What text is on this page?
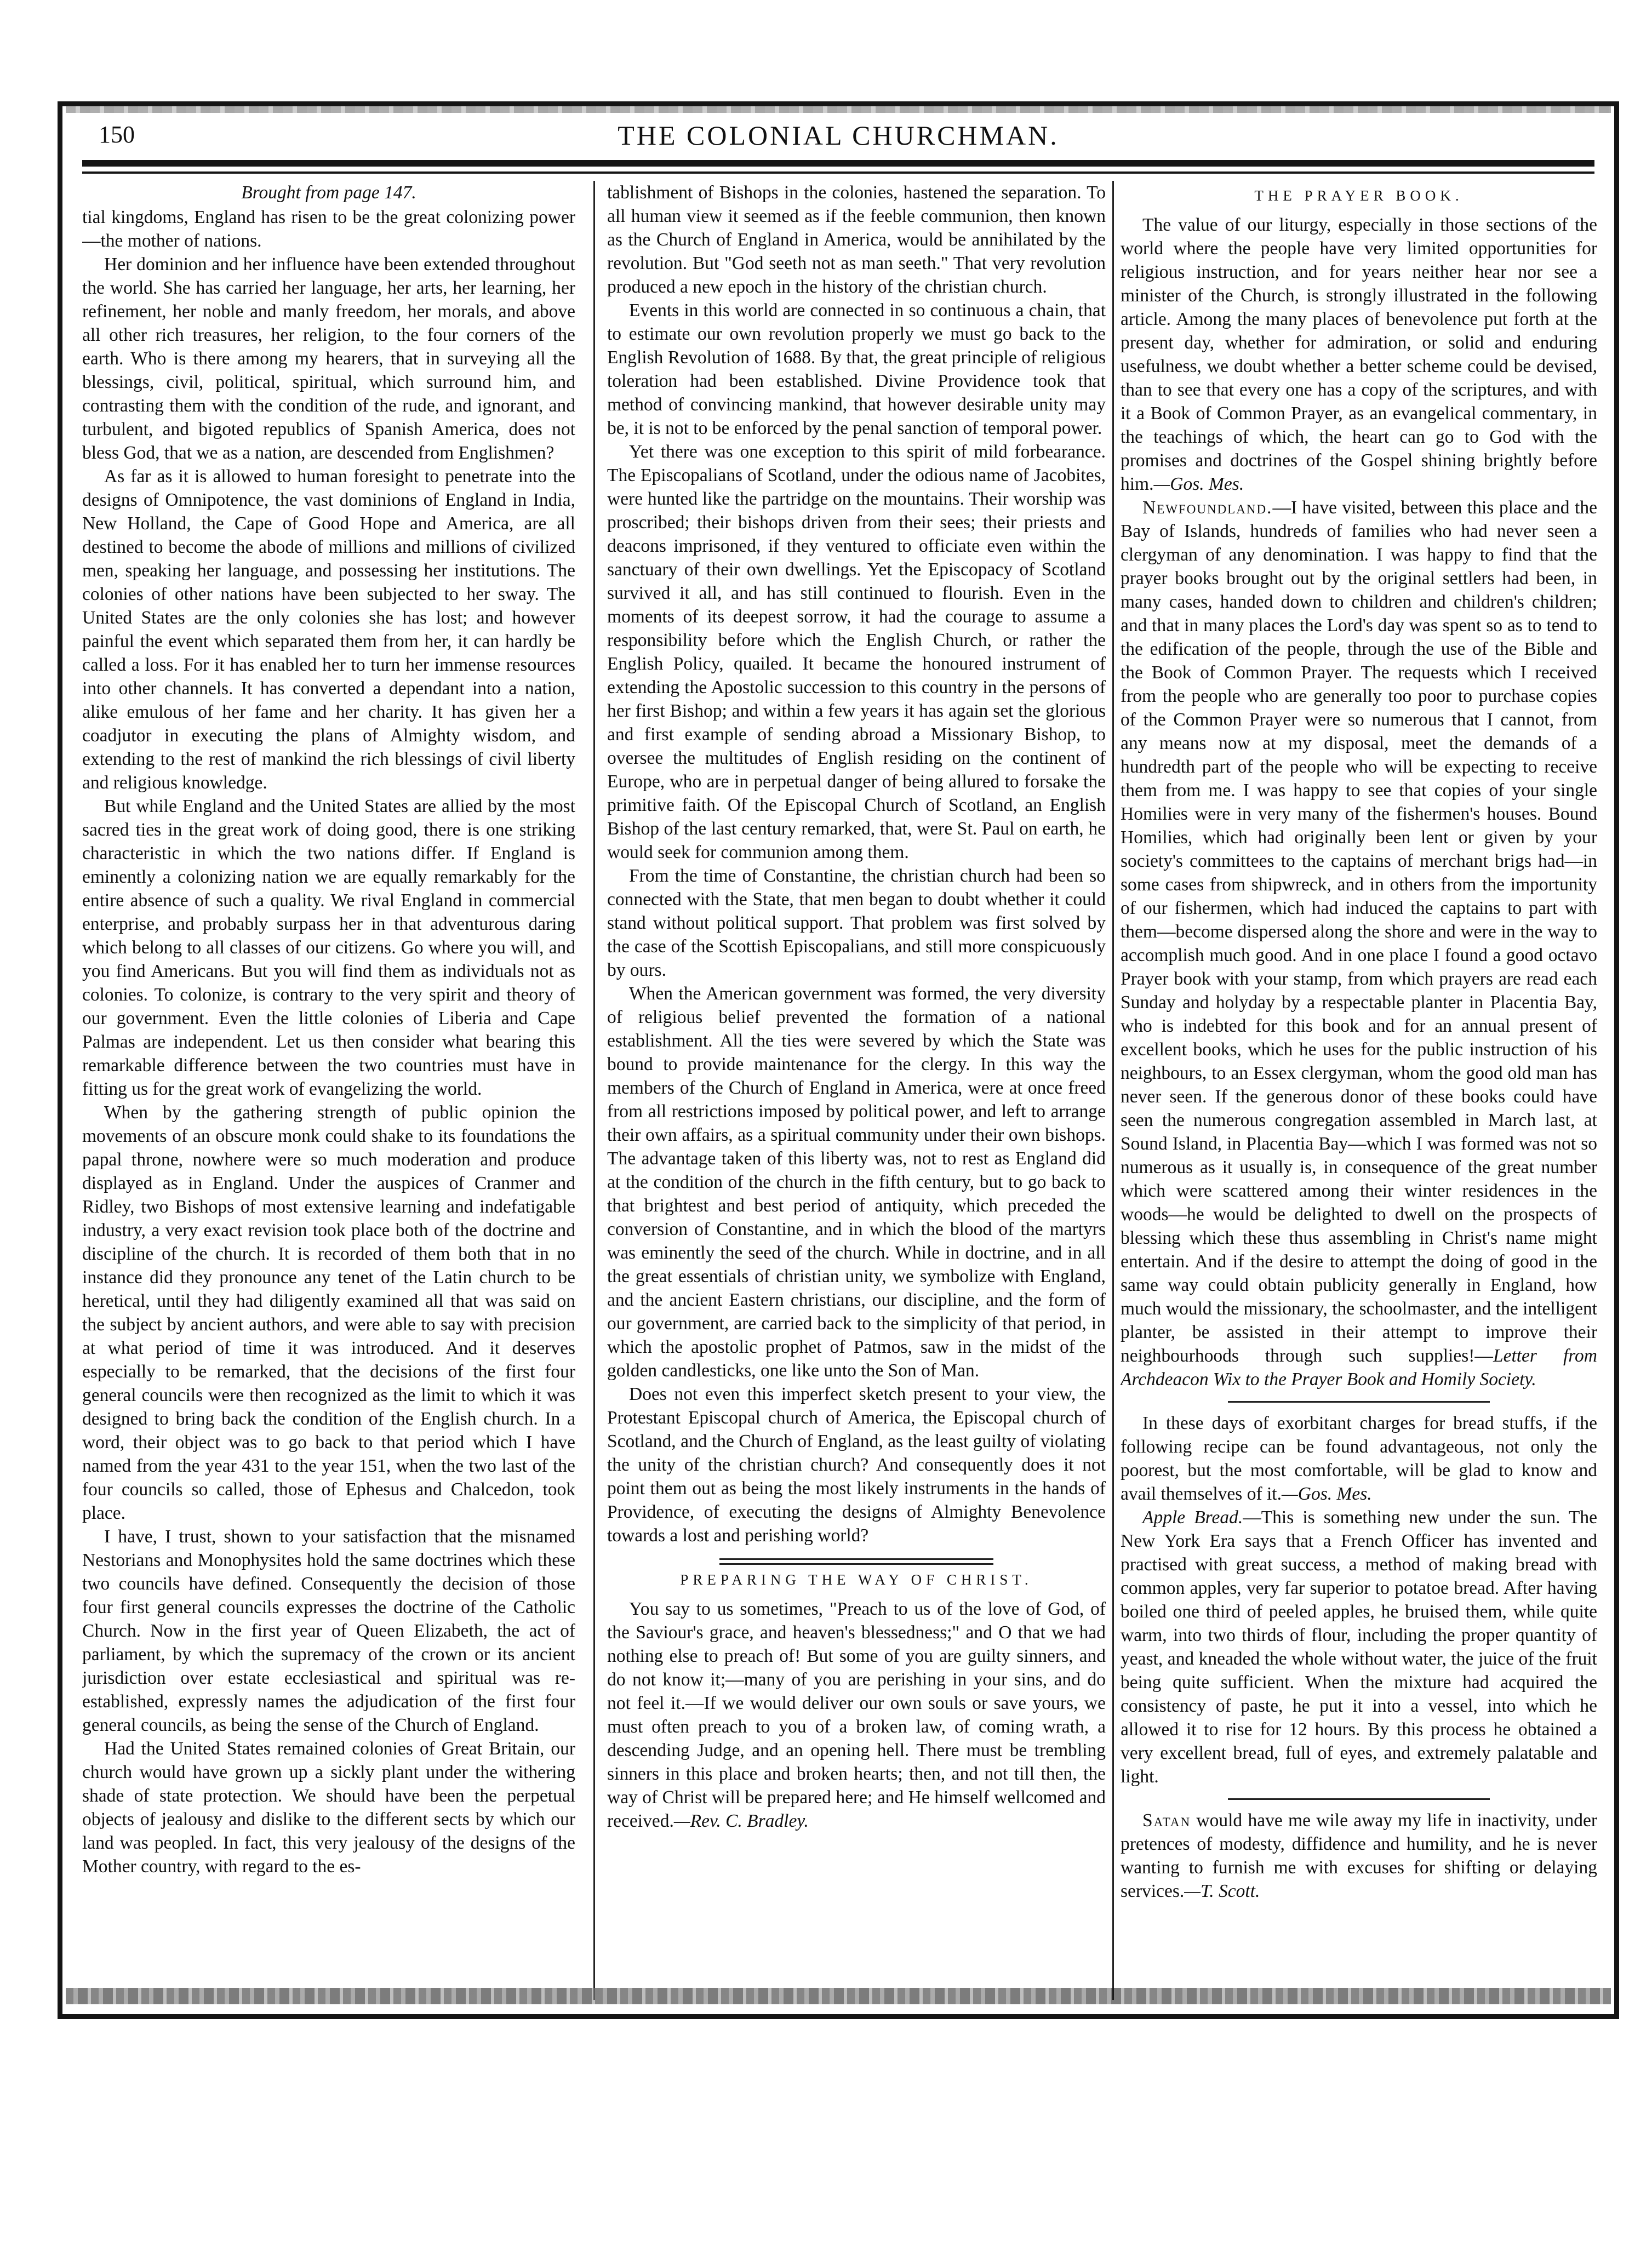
150	THE COLONIAL CHURCHMAN.
Brought from page 147.

tial kingdoms, England has risen to be the great colonizing power—the mother of nations.

Her dominion and her influence have been extended throughout the world. She has carried her language, her arts, her learning, her refinement, her noble and manly freedom, her morals, and above all other rich treasures, her religion, to the four corners of the earth. Who is there among my hearers, that in surveying all the blessings, civil, political, spiritual, which surround him, and contrasting them with the condition of the rude, and ignorant, and turbulent, and bigoted republics of Spanish America, does not bless God, that we as a nation, are descended from Englishmen?

As far as it is allowed to human foresight to penetrate into the designs of Omnipotence, the vast dominions of England in India, New Holland, the Cape of Good Hope and America, are all destined to become the abode of millions and millions of civilized men, speaking her language, and possessing her institutions. The colonies of other nations have been subjected to her sway. The United States are the only colonies she has lost; and however painful the event which separated them from her, it can hardly be called a loss. For it has enabled her to turn her immense resources into other channels. It has converted a dependant into a nation, alike emulous of her fame and her charity. It has given her a coadjutor in executing the plans of Almighty wisdom, and extending to the rest of mankind the rich blessings of civil liberty and religious knowledge.

But while England and the United States are allied by the most sacred ties in the great work of doing good, there is one striking characteristic in which the two nations differ. If England is eminently a colonizing nation we are equally remarkably for the entire absence of such a quality. We rival England in commercial enterprise, and probably surpass her in that adventurous daring which belong to all classes of our citizens. Go where you will, and you find Americans. But you will find them as individuals not as colonies. To colonize, is contrary to the very spirit and theory of our government. Even the little colonies of Liberia and Cape Palmas are independent. Let us then consider what bearing this remarkable difference between the two countries must have in fitting us for the great work of evangelizing the world.

When by the gathering strength of public opinion the movements of an obscure monk could shake to its foundations the papal throne, nowhere were so much moderation and produce displayed as in England. Under the auspices of Cranmer and Ridley, two Bishops of most extensive learning and indefatigable industry, a very exact revision took place both of the doctrine and discipline of the church. It is recorded of them both that in no instance did they pronounce any tenet of the Latin church to be heretical, until they had diligently examined all that was said on the subject by ancient authors, and were able to say with precision at what period of time it was introduced. And it deserves especially to be remarked, that the decisions of the first four general councils were then recognized as the limit to which it was designed to bring back the condition of the English church. In a word, their object was to go back to that period which I have named from the year 431 to the year 151, when the two last of the four councils so called, those of Ephesus and Chalcedon, took place.

I have, I trust, shown to your satisfaction that the misnamed Nestorians and Monophysites hold the same doctrines which these two councils have defined. Consequently the decision of those four first general councils expresses the doctrine of the Catholic Church. Now in the first year of Queen Elizabeth, the act of parliament, by which the supremacy of the crown or its ancient jurisdiction over estate ecclesiastical and spiritual was re-established, expressly names the adjudication of the first four general councils, as being the sense of the Church of England.

Had the United States remained colonies of Great Britain, our church would have grown up a sickly plant under the withering shade of state protection. We should have been the perpetual objects of jealousy and dislike to the different sects by which our land was peopled. In fact, this very jealousy of the designs of the Mother country, with regard to the es-

tablishment of Bishops in the colonies, hastened the separation. To all human view it seemed as if the feeble communion, then known as the Church of England in America, would be annihilated by the revolution. But "God seeth not as man seeth." That very revolution produced a new epoch in the history of the christian church.

Events in this world are connected in so continuous a chain, that to estimate our own revolution properly we must go back to the English Revolution of 1688. By that, the great principle of religious toleration had been established. Divine Providence took that method of convincing mankind, that however desirable unity may be, it is not to be enforced by the penal sanction of temporal power.

Yet there was one exception to this spirit of mild forbearance. The Episcopalians of Scotland, under the odious name of Jacobites, were hunted like the partridge on the mountains. Their worship was proscribed; their bishops driven from their sees; their priests and deacons imprisoned, if they ventured to officiate even within the sanctuary of their own dwellings. Yet the Episcopacy of Scotland survived it all, and has still continued to flourish. Even in the moments of its deepest sorrow, it had the courage to assume a responsibility before which the English Church, or rather the English Policy, quailed. It became the honoured instrument of extending the Apostolic succession to this country in the persons of her first Bishop; and within a few years it has again set the glorious and first example of sending abroad a Missionary Bishop, to oversee the multitudes of English residing on the continent of Europe, who are in perpetual danger of being allured to forsake the primitive faith. Of the Episcopal Church of Scotland, an English Bishop of the last century remarked, that, were St. Paul on earth, he would seek for communion among them.

From the time of Constantine, the christian church had been so connected with the State, that men began to doubt whether it could stand without political support. That problem was first solved by the case of the Scottish Episcopalians, and still more conspicuously by ours.

When the American government was formed, the very diversity of religious belief prevented the formation of a national establishment. All the ties were severed by which the State was bound to provide maintenance for the clergy. In this way the members of the Church of England in America, were at once freed from all restrictions imposed by political power, and left to arrange their own affairs, as a spiritual community under their own bishops. The advantage taken of this liberty was, not to rest as England did at the condition of the church in the fifth century, but to go back to that brightest and best period of antiquity, which preceded the conversion of Constantine, and in which the blood of the martyrs was eminently the seed of the church. While in doctrine, and in all the great essentials of christian unity, we symbolize with England, and the ancient Eastern christians, our discipline, and the form of our government, are carried back to the simplicity of that period, in which the apostolic prophet of Patmos, saw in the midst of the golden candlesticks, one like unto the Son of Man.

Does not even this imperfect sketch present to your view, the Protestant Episcopal church of America, the Episcopal church of Scotland, and the Church of England, as the least guilty of violating the unity of the christian church? And consequently does it not point them out as being the most likely instruments in the hands of Providence, of executing the designs of Almighty Benevolence towards a lost and perishing world?

PREPARING THE WAY OF CHRIST.

You say to us sometimes, "Preach to us of the love of God, of the Saviour's grace, and heaven's blessedness;" and O that we had nothing else to preach of! But some of you are guilty sinners, and do not know it;—many of you are perishing in your sins, and do not feel it.—If we would deliver our own souls or save yours, we must often preach to you of a broken law, of coming wrath, a descending Judge, and an opening hell. There must be trembling sinners in this place and broken hearts; then, and not till then, the way of Christ will be prepared here; and He himself wellcomed and received.—Rev. C. Bradley.

THE PRAYER BOOK.

The value of our liturgy, especially in those sections of the world where the people have very limited opportunities for religious instruction, and for years neither hear nor see a minister of the Church, is strongly illustrated in the following article. Among the many places of benevolence put forth at the present day, whether for admiration, or solid and enduring usefulness, we doubt whether a better scheme could be devised, than to see that every one has a copy of the scriptures, and with it a Book of Common Prayer, as an evangelical commentary, in the teachings of which, the heart can go to God with the promises and doctrines of the Gospel shining brightly before him.—Gos. Mes.

Newfoundland.—I have visited, between this place and the Bay of Islands, hundreds of families who had never seen a clergyman of any denomination. I was happy to find that the prayer books brought out by the original settlers had been, in many cases, handed down to children and children's children; and that in many places the Lord's day was spent so as to tend to the edification of the people, through the use of the Bible and the Book of Common Prayer. The requests which I received from the people who are generally too poor to purchase copies of the Common Prayer were so numerous that I cannot, from any means now at my disposal, meet the demands of a hundredth part of the people who will be expecting to receive them from me. I was happy to see that copies of your single Homilies were in very many of the fishermen's houses. Bound Homilies, which had originally been lent or given by your society's committees to the captains of merchant brigs had—in some cases from shipwreck, and in others from the importunity of our fishermen, which had induced the captains to part with them—become dispersed along the shore and were in the way to accomplish much good. And in one place I found a good octavo Prayer book with your stamp, from which prayers are read each Sunday and holyday by a respectable planter in Placentia Bay, who is indebted for this book and for an annual present of excellent books, which he uses for the public instruction of his neighbours, to an Essex clergyman, whom the good old man has never seen. If the generous donor of these books could have seen the numerous congregation assembled in March last, at Sound Island, in Placentia Bay—which I was formed was not so numerous as it usually is, in consequence of the great number which were scattered among their winter residences in the woods—he would be delighted to dwell on the prospects of blessing which these thus assembling in Christ's name might entertain. And if the desire to attempt the doing of good in the same way could obtain publicity generally in England, how much would the missionary, the schoolmaster, and the intelligent planter, be assisted in their attempt to improve their neighbourhoods through such supplies!—Letter from Archdeacon Wix to the Prayer Book and Homily Society.

In these days of exorbitant charges for bread stuffs, if the following recipe can be found advantageous, not only the poorest, but the most comfortable, will be glad to know and avail themselves of it.—Gos. Mes.

Apple Bread.—This is something new under the sun. The New York Era says that a French Officer has invented and practised with great success, a method of making bread with common apples, very far superior to potatoe bread. After having boiled one third of peeled apples, he bruised them, while quite warm, into two thirds of flour, including the proper quantity of yeast, and kneaded the whole without water, the juice of the fruit being quite sufficient. When the mixture had acquired the consistency of paste, he put it into a vessel, into which he allowed it to rise for 12 hours. By this process he obtained a very excellent bread, full of eyes, and extremely palatable and light.

Satan would have me wile away my life in inactivity, under pretences of modesty, diffidence and humility, and he is never wanting to furnish me with excuses for shifting or delaying services.—T. Scott.
